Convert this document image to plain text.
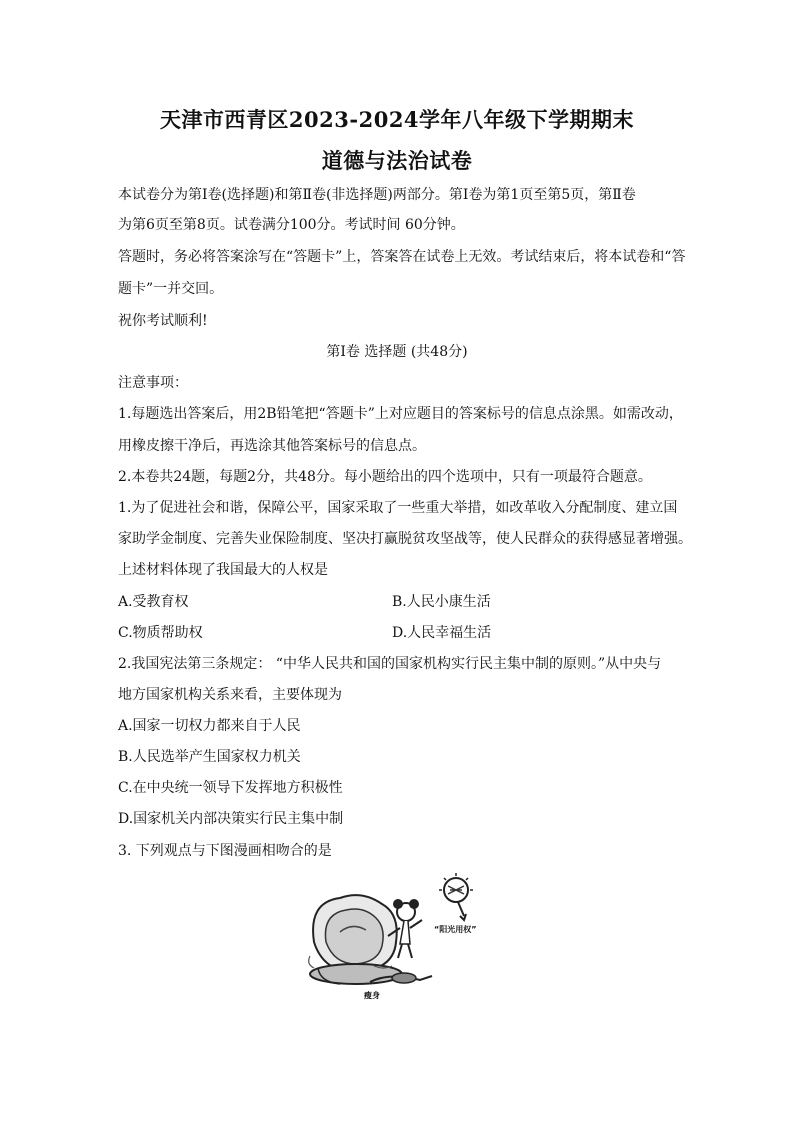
天津市西青区2023-2024学年八年级下学期期末
道德与法治试卷
本试卷分为第Ⅰ卷(选择题)和第Ⅱ卷(非选择题)两部分。第Ⅰ卷为第1页至第5页，第Ⅱ卷
为第6页至第8页。试卷满分100分。考试时间 60分钟。
答题时，务必将答案涂写在“答题卡”上，答案答在试卷上无效。考试结束后，将本试卷和“答
题卡”一并交回。
祝你考试顺利!
第Ⅰ卷 选择题 (共48分)
注意事项：
1.每题选出答案后，用2B铅笔把“答题卡”上对应题目的答案标号的信息点涂黑。如需改动，
用橡皮擦干净后，再选涂其他答案标号的信息点。
2.本卷共24题，每题2分，共48分。每小题给出的四个选项中，只有一项最符合题意。
1.为了促进社会和谐，保障公平，国家采取了一些重大举措，如改革收入分配制度、建立国
家助学金制度、完善失业保险制度、坚决打赢脱贫攻坚战等，使人民群众的获得感显著增强。
上述材料体现了我国最大的人权是
A.受教育权	B.人民小康生活
C.物质帮助权	D.人民幸福生活
2.我国宪法第三条规定： “中华人民共和国的国家机构实行民主集中制的原则。”从中央与
地方国家机构关系来看，主要体现为
A.国家一切权力都来自于人民
B.人民选举产生国家权力机关
C.在中央统一领导下发挥地方积极性
D.国家机关内部决策实行民主集中制
3. 下列观点与下图漫画相吻合的是
“阳光用权”
瘦身
